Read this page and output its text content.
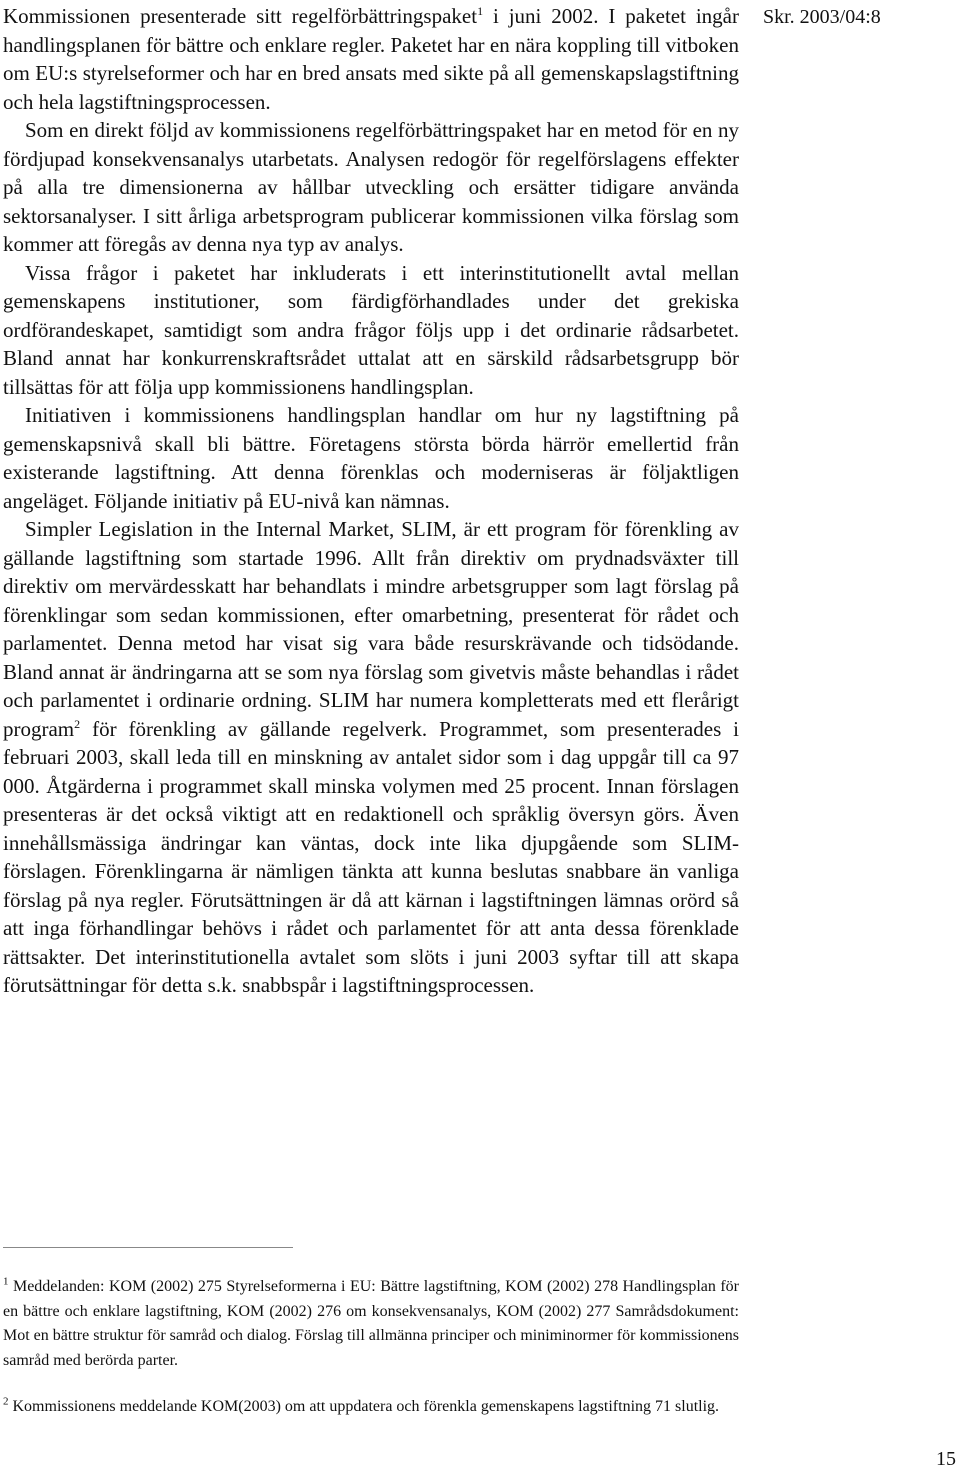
Kommissionen presenterade sitt regelförbättringspaket$^1$ i juni 2002. I paketet ingår handlingsplanen för bättre och enklare regler. Paketet har en nära koppling till vitboken om EU:s styrelseformer och har en bred ansats med sikte på all gemenskapslagstiftning och hela lagstiftningsprocessen.

Som en direkt följd av kommissionens regelförbättringspaket har en metod för en ny fördjupad konsekvensanalys utarbetats. Analysen redogör för regelförslagens effekter på alla tre dimensionerna av hållbar utveckling och ersätter tidigare använda sektorsanalyser. I sitt årliga arbetsprogram publicerar kommissionen vilka förslag som kommer att föregås av denna nya typ av analys.

Vissa frågor i paketet har inkluderats i ett interinstitutionellt avtal mellan gemenskapens institutioner, som färdigförhandlades under det grekiska ordförandeskapet, samtidigt som andra frågor följs upp i det ordinarie rådsarbetet. Bland annat har konkurrenskraftsrådet uttalat att en särskild rådsarbetsgrupp bör tillsättas för att följa upp kommissionens handlingsplan.

Initiativen i kommissionens handlingsplan handlar om hur ny lagstiftning på gemenskapsnivå skall bli bättre. Företagens största börda härrör emellertid från existerande lagstiftning. Att denna förenklas och moderniseras är följaktligen angeläget. Följande initiativ på EU-nivå kan nämnas.

Simpler Legislation in the Internal Market, SLIM, är ett program för förenkling av gällande lagstiftning som startade 1996. Allt från direktiv om prydnadsväxter till direktiv om mervärdesskatt har behandlats i mindre arbetsgrupper som lagt förslag på förenklingar som sedan kommissionen, efter omarbetning, presenterat för rådet och parlamentet. Denna metod har visat sig vara både resurskrävande och tidsödande. Bland annat är ändringarna att se som nya förslag som givetvis måste behandlas i rådet och parlamentet i ordinarie ordning. SLIM har numera kompletterats med ett flerårigt program$^2$ för förenkling av gällande regelverk. Programmet, som presenterades i februari 2003, skall leda till en minskning av antalet sidor som i dag uppgår till ca 97 000. Åtgärderna i programmet skall minska volymen med 25 procent. Innan förslagen presenteras är det också viktigt att en redaktionell och språklig översyn görs. Även innehållsmässiga ändringar kan väntas, dock inte lika djupgående som SLIM-förslagen. Förenklingarna är nämligen tänkta att kunna beslutas snabbare än vanliga förslag på nya regler. Förutsättningen är då att kärnan i lagstiftningen lämnas orörd så att inga förhandlingar behövs i rådet och parlamentet för att anta dessa förenklade rättsakter. Det interinstitutionella avtalet som slöts i juni 2003 syftar till att skapa förutsättningar för detta s.k. snabbspår i lagstiftningsprocessen.

Skr. 2003/04:8

$^1$ Meddelanden: KOM (2002) 275 Styrelseformerna i EU: Bättre lagstiftning, KOM (2002) 278 Handlingsplan för en bättre och enklare lagstiftning, KOM (2002) 276 om konsekvensanalys, KOM (2002) 277 Samrådsdokument: Mot en bättre struktur för samråd och dialog. Förslag till allmänna principer och miniminormer för kommissionens samråd med berörda parter.

$^2$ Kommissionens meddelande KOM(2003) om att uppdatera och förenkla gemenskapens lagstiftning 71 slutlig.

15
